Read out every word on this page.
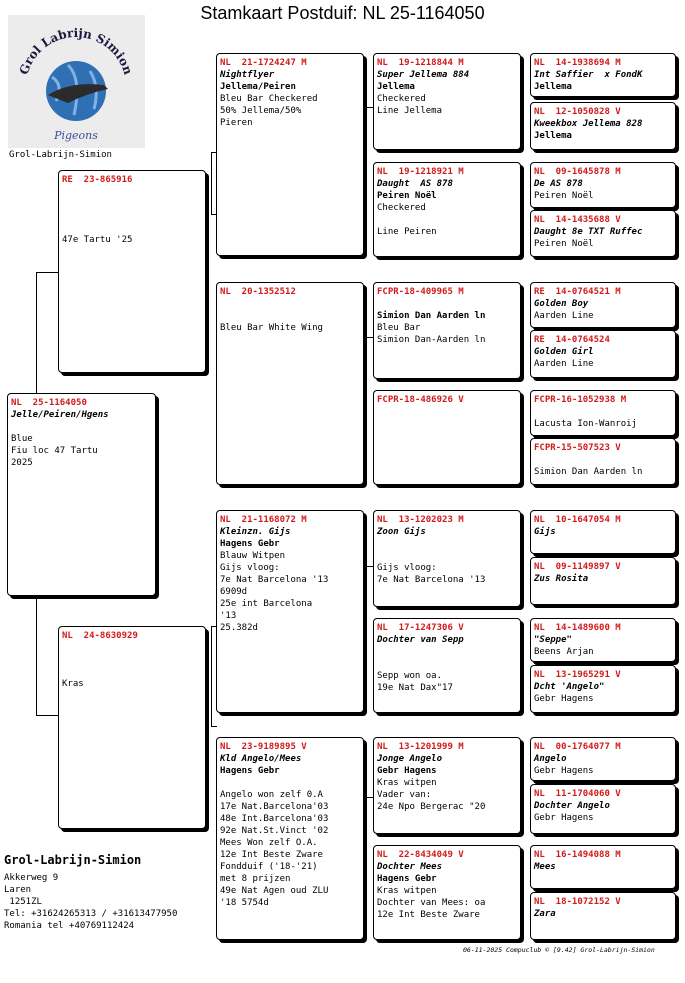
Stamkaart Postduif: NL 25-1164050
Grol Labrijn Simion
Pigeons
Grol-Labrijn-Simion
NL  25-1164050
Jelle/Peiren/Hgens

Blue
Fiu loc 47 Tartu
2025
RE  23-865916

47e Tartu '25
NL  24-8630929

Kras
NL  21-1724247 M
Nightflyer
Jellema/Peiren
Bleu Bar Checkered
50% Jellema/50%
Pieren
NL  20-1352512

Bleu Bar White Wing
NL  21-1168072 M
Kleinzn. Gijs
Hagens Gebr
Blauw Witpen
Gijs vloog:
7e Nat Barcelona '13
6909d
25e int Barcelona
'13
25.382d
NL  23-9189895 V
Kld Angelo/Mees
Hagens Gebr

Angelo won zelf 0.A
17e Nat.Barcelona'03
48e Int.Barcelona'03
92e Nat.St.Vinct '02
Mees Won zelf O.A.
12e Int Beste Zware
Fondduif ('18-'21)
met 8 prijzen
49e Nat Agen oud ZLU
'18 5754d
NL  19-1218844 M
Super Jellema 884
Jellema
Checkered
Line Jellema
NL  19-1218921 M
Daught  AS 878
Peiren Noël
Checkered

Line Peiren
FCPR-18-409965 M

Simion Dan Aarden ln
Bleu Bar
Simion Dan-Aarden ln
FCPR-18-486926 V
NL  13-1202023 M
Zoon Gijs

Gijs vloog:
7e Nat Barcelona '13
NL  17-1247306 V
Dochter van Sepp

Sepp won oa.
19e Nat Dax"17
NL  13-1201999 M
Jonge Angelo
Gebr Hagens
Kras witpen
Vader van:
24e Npo Bergerac "20
NL  22-8434049 V
Dochter Mees
Hagens Gebr
Kras witpen
Dochter van Mees: oa
12e Int Beste Zware
NL  14-1938694 M
Int Saffier  x FondK
Jellema
NL  12-1050828 V
Kweekbox Jellema 828
Jellema
NL  09-1645878 M
De AS 878
Peiren Noël
NL  14-1435688 V
Daught 8e TXT Ruffec
Peiren Noël
RE  14-0764521 M
Golden Boy
Aarden Line
RE  14-0764524
Golden Girl
Aarden Line
FCPR-16-1052938 M

Lacusta Ion-Wanroij
FCPR-15-507523 V

Simion Dan Aarden ln
NL  10-1647054 M
Gijs
NL  09-1149897 V
Zus Rosita
NL  14-1489600 M
"Seppe"
Beens Arjan
NL  13-1965291 V
Dcht 'Angelo"
Gebr Hagens
NL  00-1764077 M
Angelo
Gebr Hagens
NL  11-1704060 V
Dochter Angelo
Gebr Hagens
NL  16-1494088 M
Mees
NL  18-1072152 V
Zara
Grol-Labrijn-Simion
Akkerweg 9
Laren
1251ZL
Tel: +31624265313 / +31613477950
Romania tel +40769112424
06-11-2025 Compuclub © [9.42] Grol-Labrijn-Simion
